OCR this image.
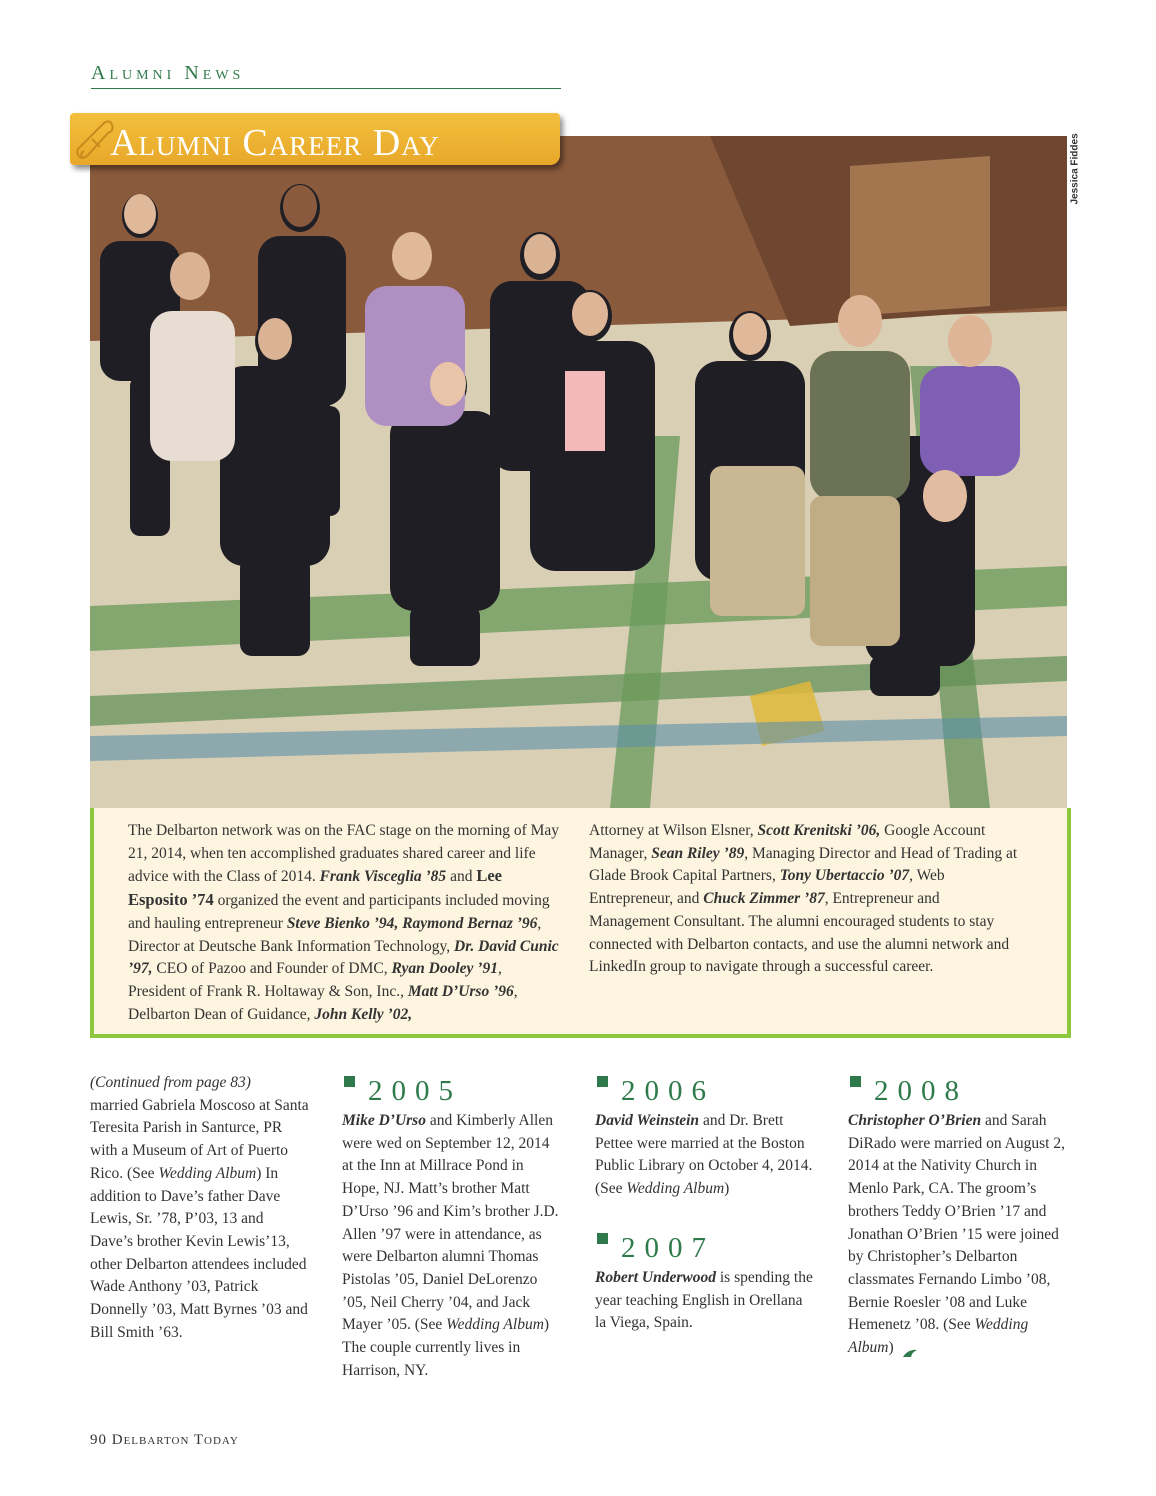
Alumni News
Alumni Career Day	Jessica Fiddes

The Delbarton network was on the FAC stage on the morning of May 21, 2014, when ten accomplished graduates shared career and life advice with the Class of 2014. Frank Visceglia ’85 and Lee Esposito ’74 organized the event and participants included moving and hauling entrepreneur Steve Bienko ’94, Raymond Bernaz ’96, Director at Deutsche Bank Information Technology, Dr. David Cunic ’97, CEO of Pazoo and Founder of DMC, Ryan Dooley ’91, President of Frank R. Holtaway & Son, Inc., Matt D’Urso ’96, Delbarton Dean of Guidance, John Kelly ’02,

Attorney at Wilson Elsner, Scott Krenitski ’06, Google Account Manager, Sean Riley ’89, Managing Director and Head of Trading at Glade Brook Capital Partners, Tony Ubertaccio ’07, Web Entrepreneur, and Chuck Zimmer ’87, Entrepreneur and Management Consultant. The alumni encouraged students to stay connected with Delbarton contacts, and use the alumni network and LinkedIn group to navigate through a successful career.

(Continued from page 83)

married Gabriela Moscoso at Santa Teresita Parish in Santurce, PR with a Museum of Art of Puerto Rico. (See Wedding Album) In addition to Dave’s father Dave Lewis, Sr. ’78, P’03, 13 and Dave’s brother Kevin Lewis’13, other Delbarton attendees included Wade Anthony ’03, Patrick Donnelly ’03, Matt Byrnes ’03 and Bill Smith ’63.

2005

Mike D’Urso and Kimberly Allen were wed on September 12, 2014 at the Inn at Millrace Pond in Hope, NJ. Matt’s brother Matt D’Urso ’96 and Kim’s brother J.D. Allen ’97 were in attendance, as were Delbarton alumni Thomas Pistolas ’05, Daniel DeLorenzo ’05, Neil Cherry ’04, and Jack Mayer ’05. (See Wedding Album) The couple currently lives in Harrison, NY.

2006

David Weinstein and Dr. Brett Pettee were married at the Boston Public Library on October 4, 2014. (See Wedding Album)

2007

Robert Underwood is spending the year teaching English in Orellana la Viega, Spain.

2008

Christopher O’Brien and Sarah DiRado were married on August 2, 2014 at the Nativity Church in Menlo Park, CA. The groom’s brothers Teddy O’Brien ’17 and Jonathan O’Brien ’15 were joined by Christopher’s Delbarton classmates Fernando Limbo ’08, Bernie Roesler ’08 and Luke Hemenetz ’08. (See Wedding Album)

90 Delbarton Today
